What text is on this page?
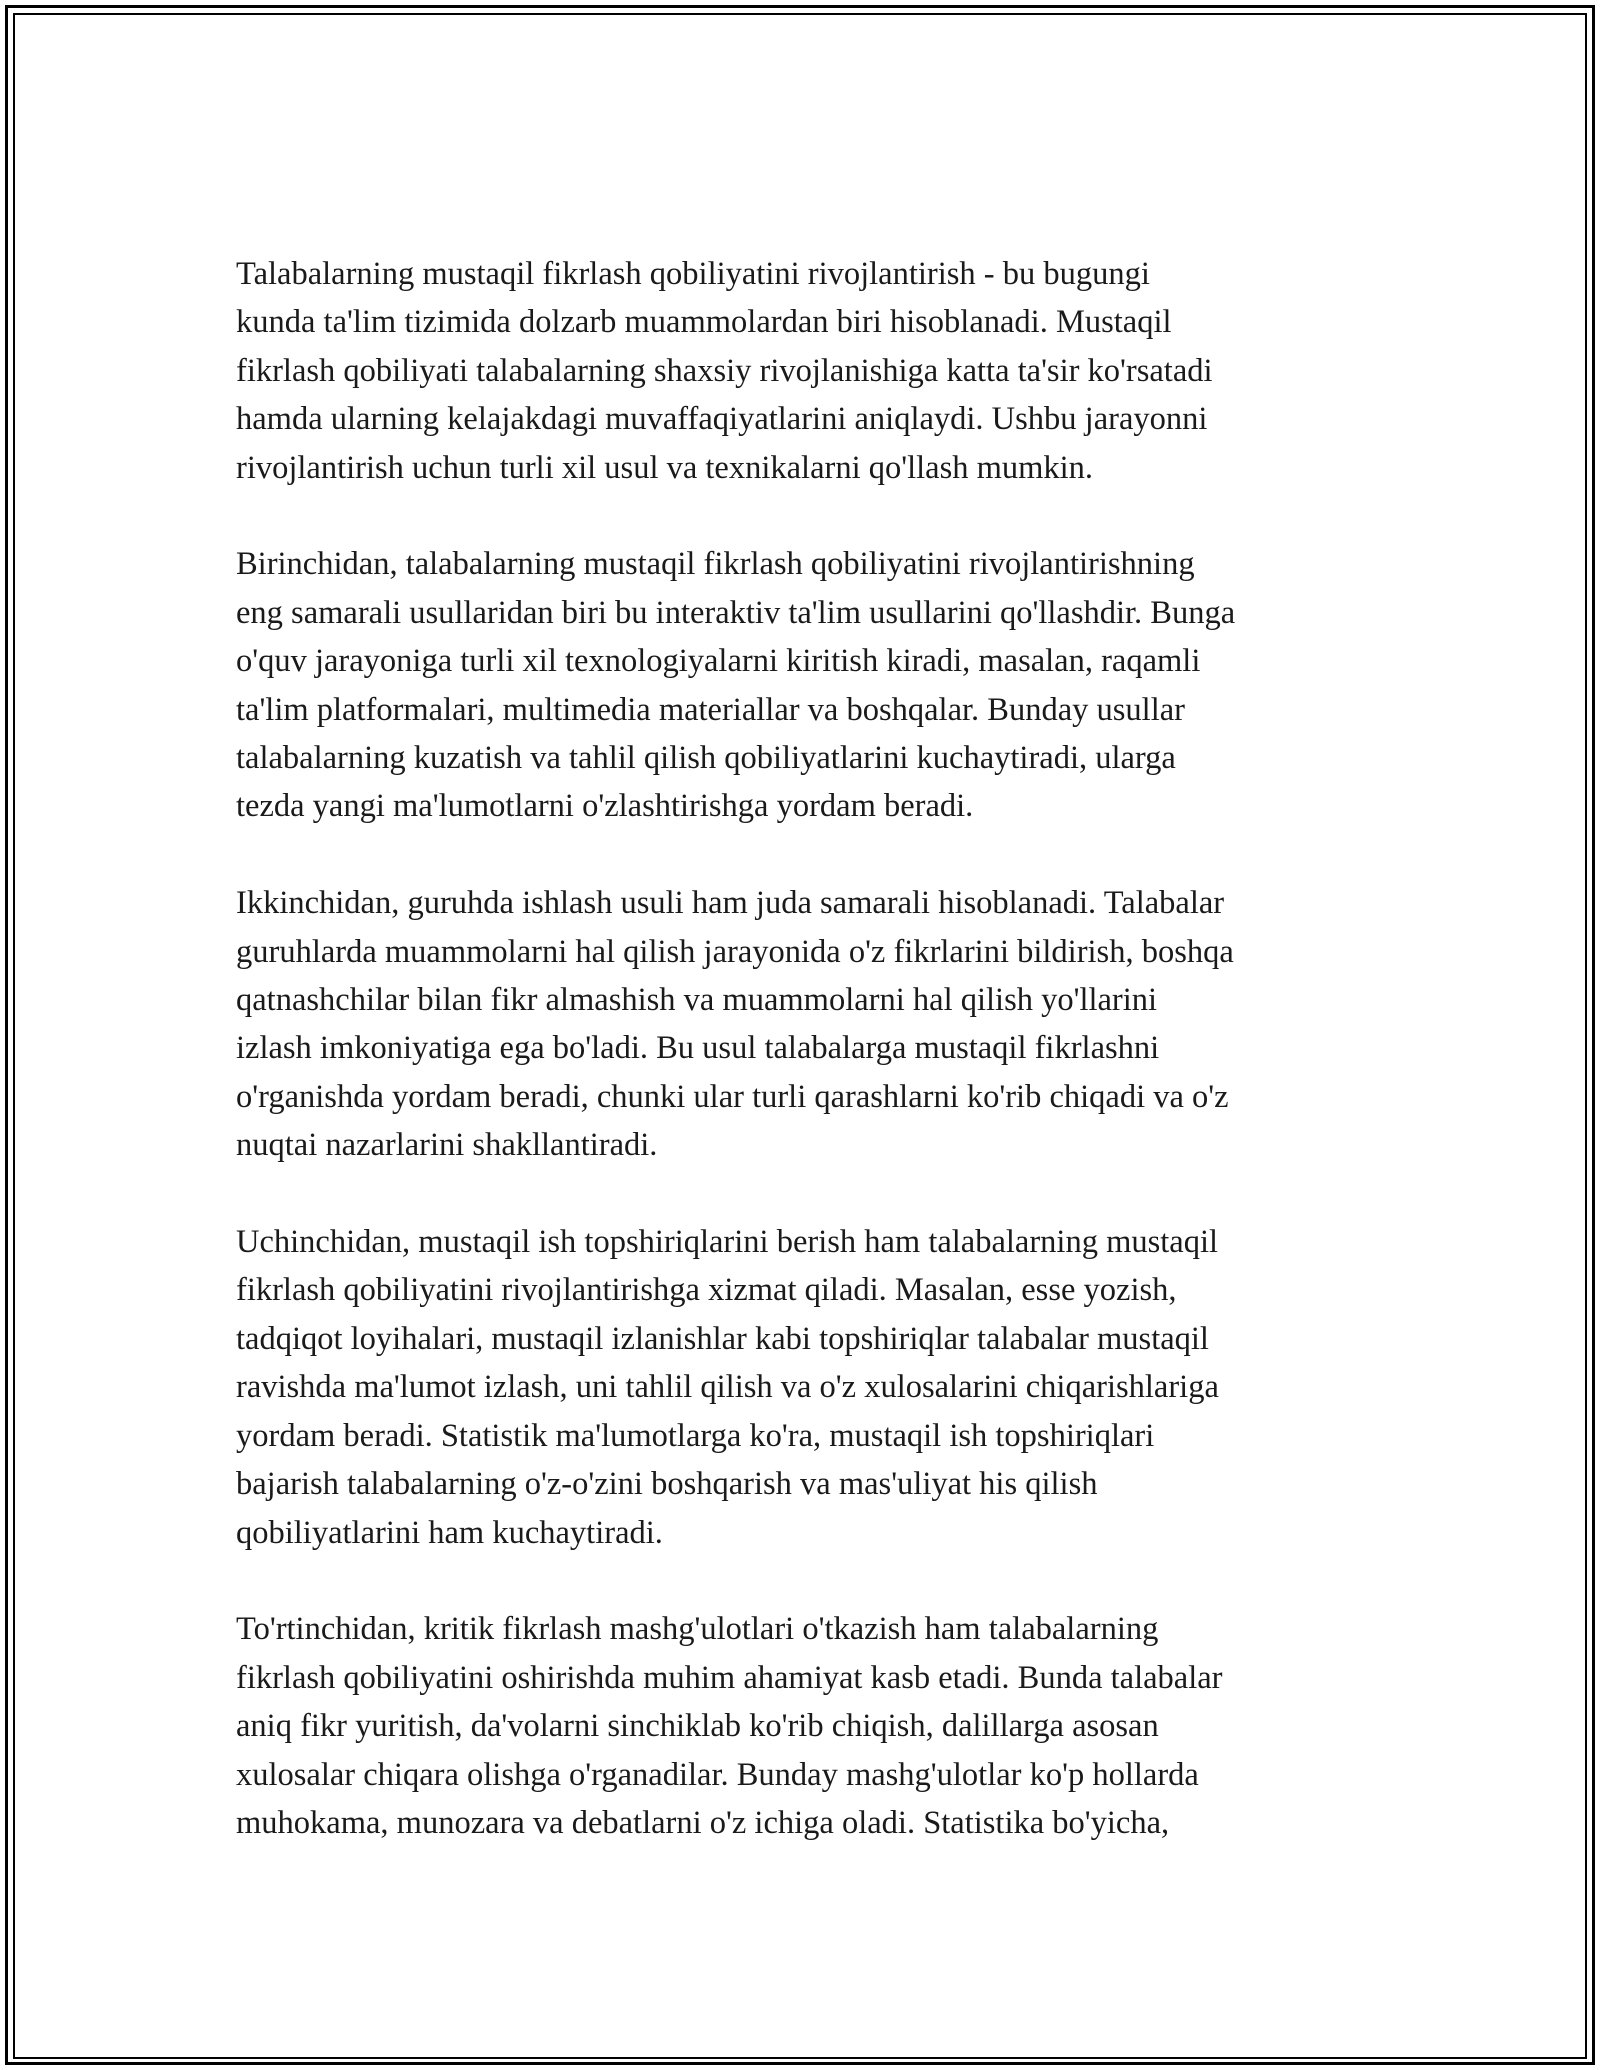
Talabalarning mustaqil fikrlash qobiliyatini rivojlantirish - bu bugungi
kunda ta'lim tizimida dolzarb muammolardan biri hisoblanadi. Mustaqil
fikrlash qobiliyati talabalarning shaxsiy rivojlanishiga katta ta'sir ko'rsatadi
hamda ularning kelajakdagi muvaffaqiyatlarini aniqlaydi. Ushbu jarayonni
rivojlantirish uchun turli xil usul va texnikalarni qo'llash mumkin.

Birinchidan, talabalarning mustaqil fikrlash qobiliyatini rivojlantirishning
eng samarali usullaridan biri bu interaktiv ta'lim usullarini qo'llashdir. Bunga
o'quv jarayoniga turli xil texnologiyalarni kiritish kiradi, masalan, raqamli
ta'lim platformalari, multimedia materiallar va boshqalar. Bunday usullar
talabalarning kuzatish va tahlil qilish qobiliyatlarini kuchaytiradi, ularga
tezda yangi ma'lumotlarni o'zlashtirishga yordam beradi.

Ikkinchidan, guruhda ishlash usuli ham juda samarali hisoblanadi. Talabalar
guruhlarda muammolarni hal qilish jarayonida o'z fikrlarini bildirish, boshqa
qatnashchilar bilan fikr almashish va muammolarni hal qilish yo'llarini
izlash imkoniyatiga ega bo'ladi. Bu usul talabalarga mustaqil fikrlashni
o'rganishda yordam beradi, chunki ular turli qarashlarni ko'rib chiqadi va o'z
nuqtai nazarlarini shakllantiradi.

Uchinchidan, mustaqil ish topshiriqlarini berish ham talabalarning mustaqil
fikrlash qobiliyatini rivojlantirishga xizmat qiladi. Masalan, esse yozish,
tadqiqot loyihalari, mustaqil izlanishlar kabi topshiriqlar talabalar mustaqil
ravishda ma'lumot izlash, uni tahlil qilish va o'z xulosalarini chiqarishlariga
yordam beradi. Statistik ma'lumotlarga ko'ra, mustaqil ish topshiriqlari
bajarish talabalarning o'z-o'zini boshqarish va mas'uliyat his qilish
qobiliyatlarini ham kuchaytiradi.

To'rtinchidan, kritik fikrlash mashg'ulotlari o'tkazish ham talabalarning
fikrlash qobiliyatini oshirishda muhim ahamiyat kasb etadi. Bunda talabalar
aniq fikr yuritish, da'volarni sinchiklab ko'rib chiqish, dalillarga asosan
xulosalar chiqara olishga o'rganadilar. Bunday mashg'ulotlar ko'p hollarda
muhokama, munozara va debatlarni o'z ichiga oladi. Statistika bo'yicha,
